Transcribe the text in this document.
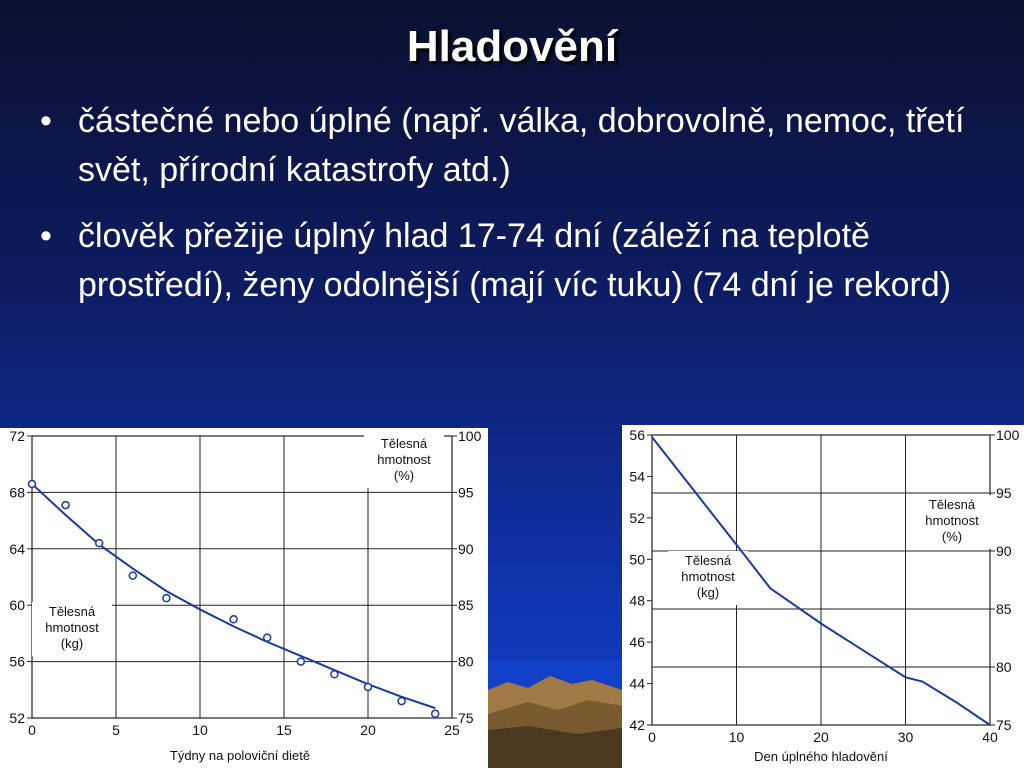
Hladovění
• částečné nebo úplné (např. válka, dobrovolně, nemoc, třetí svět, přírodní katastrofy atd.)
• člověk přežije úplný hlad 17-74 dní (záleží na teplotě prostředí), ženy odolnější (mají víc tuku) (74 dní je rekord)
52
56
60
64
68
72
75
80
85
90
95
100
0	5	10	15	20	25
Týdny na poloviční dietě
Tělesná
hmotnost
(kg)
Tělesná
hmotnost
(%)
42
44
46
48
50
52
54
56
75
80
85
90
95
100
0	10	20	30	40
Den úplného hladovění
Tělesná
hmotnost
(kg)
Tělesná
hmotnost
(%)
